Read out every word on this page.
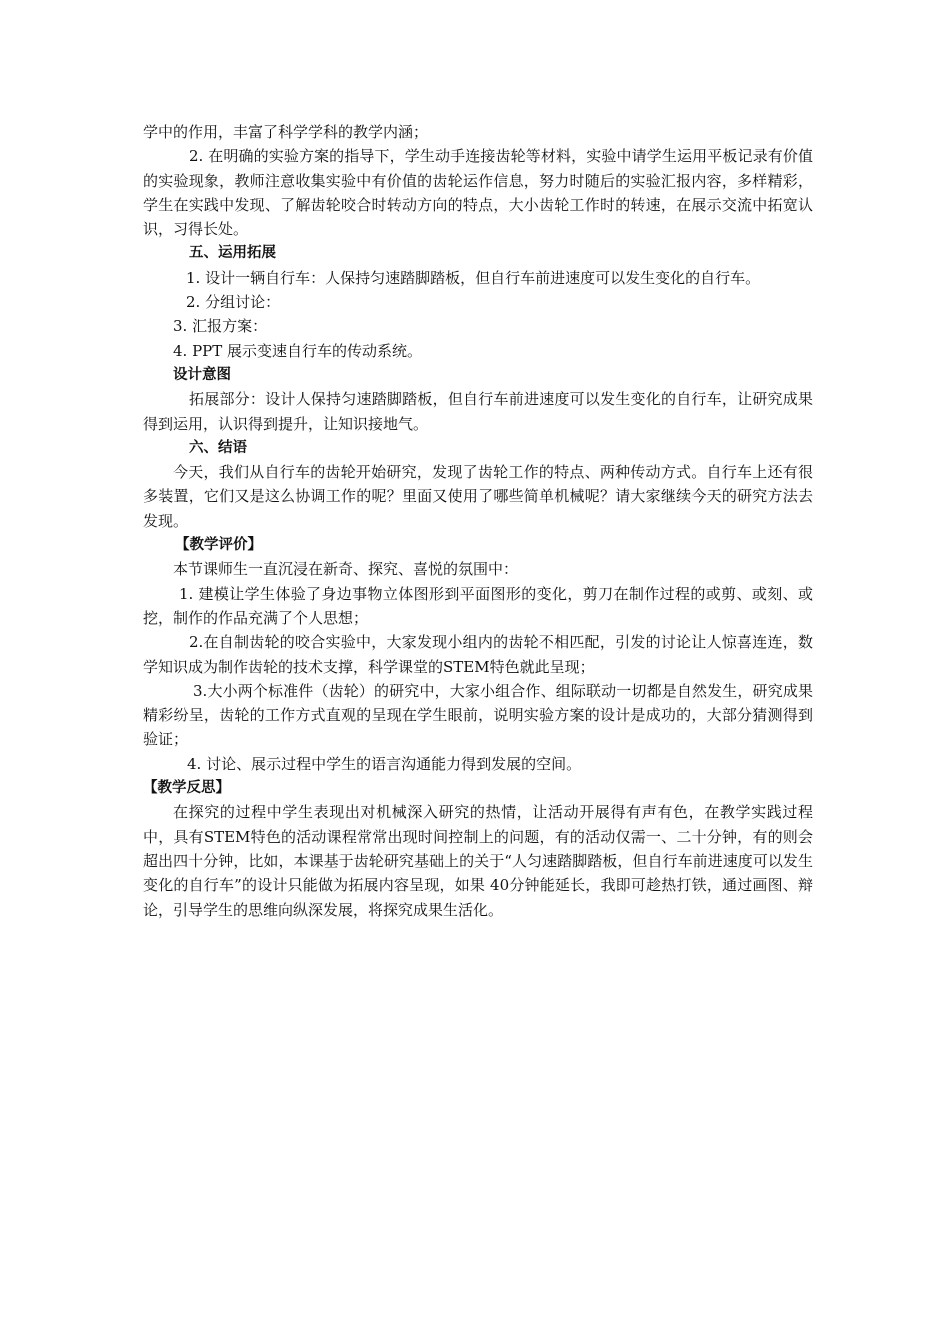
学中的作用，丰富了科学学科的教学内涵；

2. 在明确的实验方案的指导下，学生动手连接齿轮等材料，实验中请学生运用平板记录有价值的实验现象，教师注意收集实验中有价值的齿轮运作信息，努力时随后的实验汇报内容，多样精彩，学生在实践中发现、了解齿轮咬合时转动方向的特点，大小齿轮工作时的转速，在展示交流中拓宽认识，习得长处。

五、运用拓展

1. 设计一辆自行车：人保持匀速踏脚踏板，但自行车前进速度可以发生变化的自行车。

2. 分组讨论：

3. 汇报方案：

4. PPT 展示变速自行车的传动系统。

设计意图

拓展部分：设计人保持匀速踏脚踏板，但自行车前进速度可以发生变化的自行车，让研究成果得到运用，认识得到提升，让知识接地气。

六、结语

今天，我们从自行车的齿轮开始研究，发现了齿轮工作的特点、两种传动方式。自行车上还有很多装置，它们又是这么协调工作的呢？里面又使用了哪些简单机械呢？请大家继续今天的研究方法去发现。

【教学评价】

本节课师生一直沉浸在新奇、探究、喜悦的氛围中：

1. 建模让学生体验了身边事物立体图形到平面图形的变化，剪刀在制作过程的或剪、或刻、或挖，制作的作品充满了个人思想；

2.在自制齿轮的咬合实验中，大家发现小组内的齿轮不相匹配，引发的讨论让人惊喜连连，数学知识成为制作齿轮的技术支撑，科学课堂的STEM特色就此呈现；

3.大小两个标准件（齿轮）的研究中，大家小组合作、组际联动一切都是自然发生，研究成果精彩纷呈，齿轮的工作方式直观的呈现在学生眼前，说明实验方案的设计是成功的，大部分猜测得到验证；

4. 讨论、展示过程中学生的语言沟通能力得到发展的空间。

【教学反思】

在探究的过程中学生表现出对机械深入研究的热情，让活动开展得有声有色，在教学实践过程中，具有STEM特色的活动课程常常出现时间控制上的问题，有的活动仅需一、二十分钟，有的则会超出四十分钟，比如，本课基于齿轮研究基础上的关于“人匀速踏脚踏板，但自行车前进速度可以发生变化的自行车”的设计只能做为拓展内容呈现，如果 40分钟能延长，我即可趁热打铁，通过画图、辩论，引导学生的思维向纵深发展，将探究成果生活化。
